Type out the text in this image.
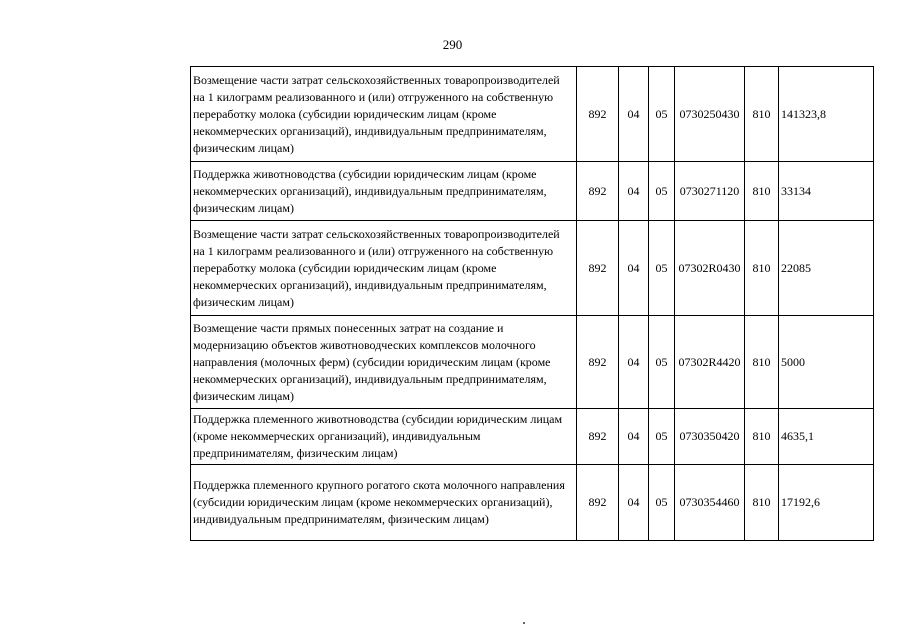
290
Возмещение части затрат сельскохозяйственных товаропроизводителей на 1 килограмм реализованного и (или) отгруженного на собственную переработку молока (субсидии юридическим лицам (кроме некоммерческих организаций), индивидуальным предпринимателям, физическим лицам)	892	04	05	0730250430	810	141323,8
Поддержка животноводства (субсидии юридическим лицам (кроме некоммерческих организаций), индивидуальным предпринимателям, физическим лицам)	892	04	05	0730271120	810	33134
Возмещение части затрат сельскохозяйственных товаропроизводителей на 1 килограмм реализованного и (или) отгруженного на собственную переработку молока (субсидии юридическим лицам (кроме некоммерческих организаций), индивидуальным предпринимателям, физическим лицам)	892	04	05	07302R0430	810	22085
Возмещение части прямых понесенных затрат на создание и модернизацию объектов животноводческих комплексов молочного направления (молочных ферм) (субсидии юридическим лицам (кроме некоммерческих организаций), индивидуальным предпринимателям, физическим лицам)	892	04	05	07302R4420	810	5000
Поддержка племенного животноводства (субсидии юридическим лицам (кроме некоммерческих организаций), индивидуальным предпринимателям, физическим лицам)	892	04	05	0730350420	810	4635,1
Поддержка племенного крупного рогатого скота молочного направления (субсидии юридическим лицам (кроме некоммерческих организаций), индивидуальным предпринимателям, физическим лицам)	892	04	05	0730354460	810	17192,6
